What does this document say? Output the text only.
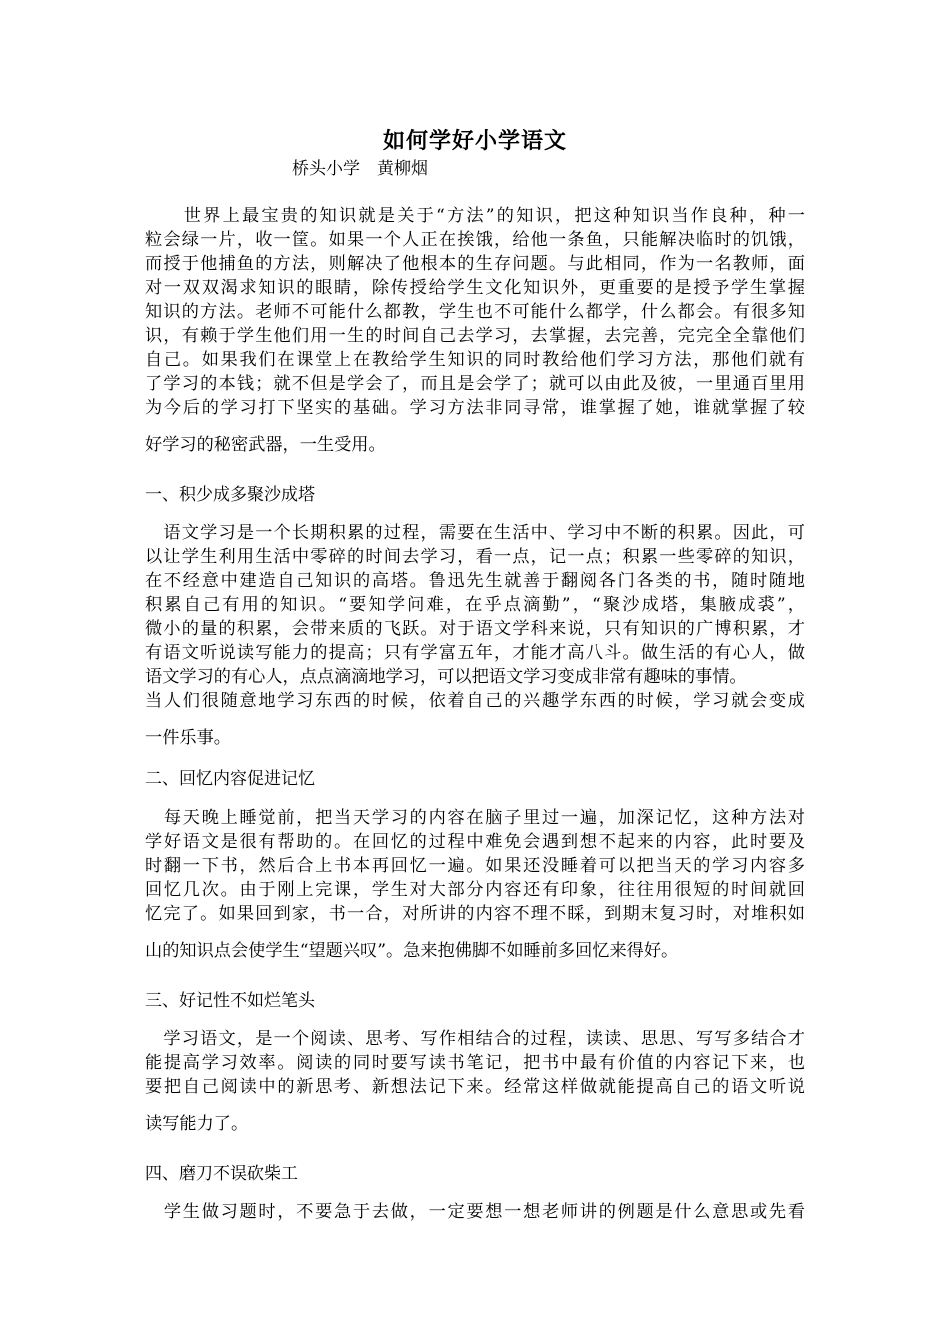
如何学好小学语文
桥头小学　黄柳烟
　　世界上最宝贵的知识就是关于“方法”的知识，把这种知识当作良种，种一
粒会绿一片，收一筐。如果一个人正在挨饿，给他一条鱼，只能解决临时的饥饿，
而授于他捕鱼的方法，则解决了他根本的生存问题。与此相同，作为一名教师，面
对一双双渴求知识的眼睛，除传授给学生文化知识外，更重要的是授予学生掌握
知识的方法。老师不可能什么都教，学生也不可能什么都学，什么都会。有很多知
识，有赖于学生他们用一生的时间自己去学习，去掌握，去完善，完完全全靠他们
自己。如果我们在课堂上在教给学生知识的同时教给他们学习方法，那他们就有
了学习的本钱；就不但是学会了，而且是会学了；就可以由此及彼，一里通百里用
为今后的学习打下坚实的基础。学习方法非同寻常，谁掌握了她，谁就掌握了较
好学习的秘密武器，一生受用。
一、积少成多聚沙成塔
　语文学习是一个长期积累的过程，需要在生活中、学习中不断的积累。因此，可
以让学生利用生活中零碎的时间去学习，看一点，记一点；积累一些零碎的知识，
在不经意中建造自己知识的高塔。鲁迅先生就善于翻阅各门各类的书，随时随地
积累自己有用的知识。“要知学问难，在乎点滴勤”，“聚沙成塔，集腋成裘”，
微小的量的积累，会带来质的飞跃。对于语文学科来说，只有知识的广博积累，才
有语文听说读写能力的提高；只有学富五年，才能才高八斗。做生活的有心人，做
语文学习的有心人，点点滴滴地学习，可以把语文学习变成非常有趣味的事情。
当人们很随意地学习东西的时候，依着自己的兴趣学东西的时候，学习就会变成
一件乐事。
二、回忆内容促进记忆
　每天晚上睡觉前，把当天学习的内容在脑子里过一遍，加深记忆，这种方法对
学好语文是很有帮助的。在回忆的过程中难免会遇到想不起来的内容，此时要及
时翻一下书，然后合上书本再回忆一遍。如果还没睡着可以把当天的学习内容多
回忆几次。由于刚上完课，学生对大部分内容还有印象，往往用很短的时间就回
忆完了。如果回到家，书一合，对所讲的内容不理不睬，到期末复习时，对堆积如
山的知识点会使学生“望题兴叹”。急来抱佛脚不如睡前多回忆来得好。
三、好记性不如烂笔头
　学习语文，是一个阅读、思考、写作相结合的过程，读读、思思、写写多结合才
能提高学习效率。阅读的同时要写读书笔记，把书中最有价值的内容记下来，也
要把自己阅读中的新思考、新想法记下来。经常这样做就能提高自己的语文听说
读写能力了。
四、磨刀不误砍柴工
　学生做习题时，不要急于去做，一定要想一想老师讲的例题是什么意思或先看
